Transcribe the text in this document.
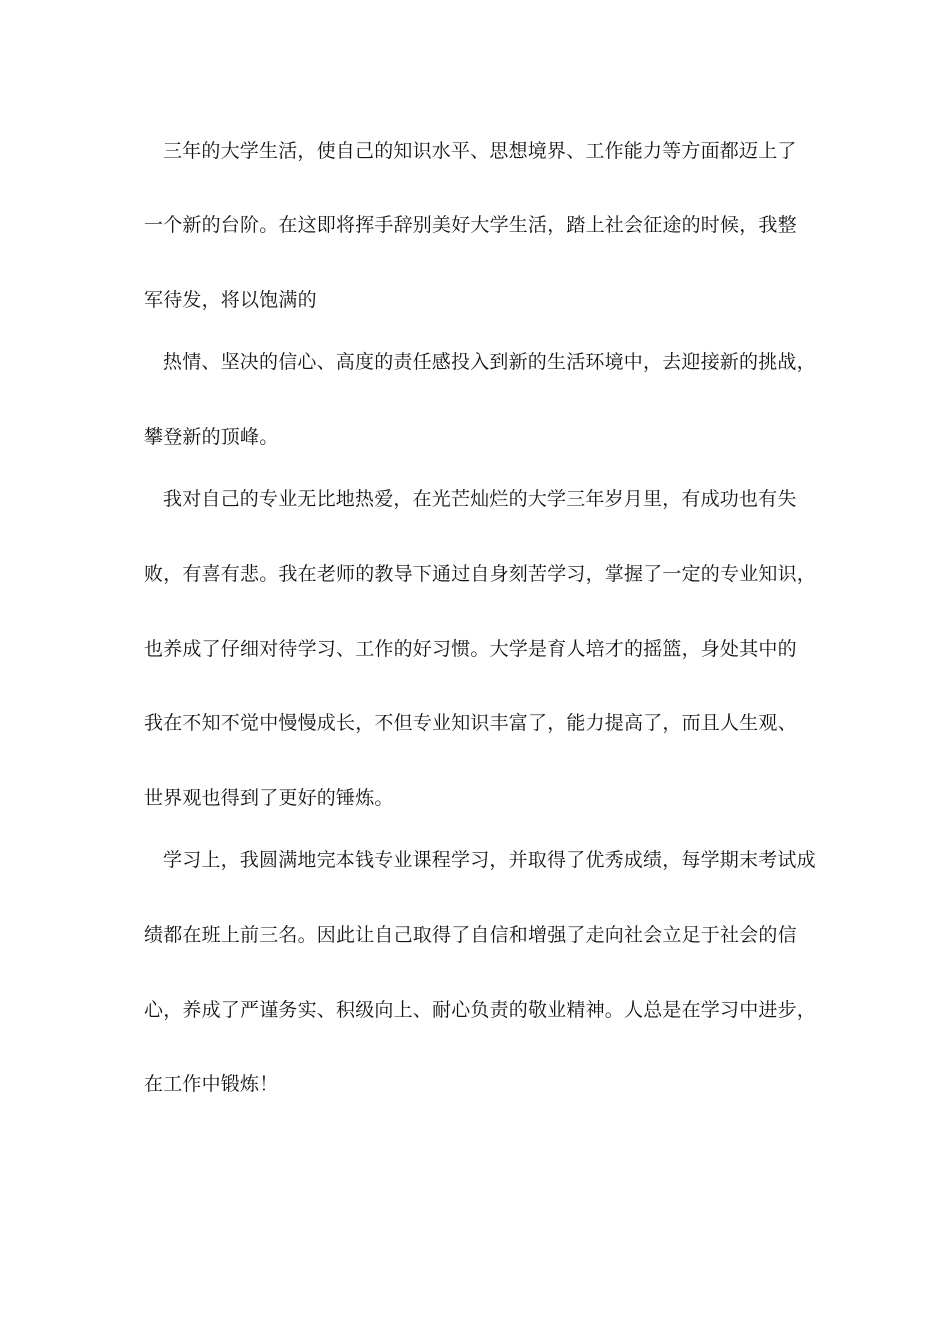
三年的大学生活，使自己的知识水平、思想境界、工作能力等方面都迈上了
一个新的台阶。在这即将挥手辞别美好大学生活，踏上社会征途的时候，我整
军待发，将以饱满的
热情、坚决的信心、高度的责任感投入到新的生活环境中，去迎接新的挑战，
攀登新的顶峰。
我对自己的专业无比地热爱，在光芒灿烂的大学三年岁月里，有成功也有失
败，有喜有悲。我在老师的教导下通过自身刻苦学习，掌握了一定的专业知识，
也养成了仔细对待学习、工作的好习惯。大学是育人培才的摇篮，身处其中的
我在不知不觉中慢慢成长，不但专业知识丰富了，能力提高了，而且人生观、
世界观也得到了更好的锤炼。
学习上，我圆满地完本钱专业课程学习，并取得了优秀成绩，每学期末考试成
绩都在班上前三名。因此让自己取得了自信和增强了走向社会立足于社会的信
心，养成了严谨务实、积级向上、耐心负责的敬业精神。人总是在学习中进步，
在工作中锻炼！
